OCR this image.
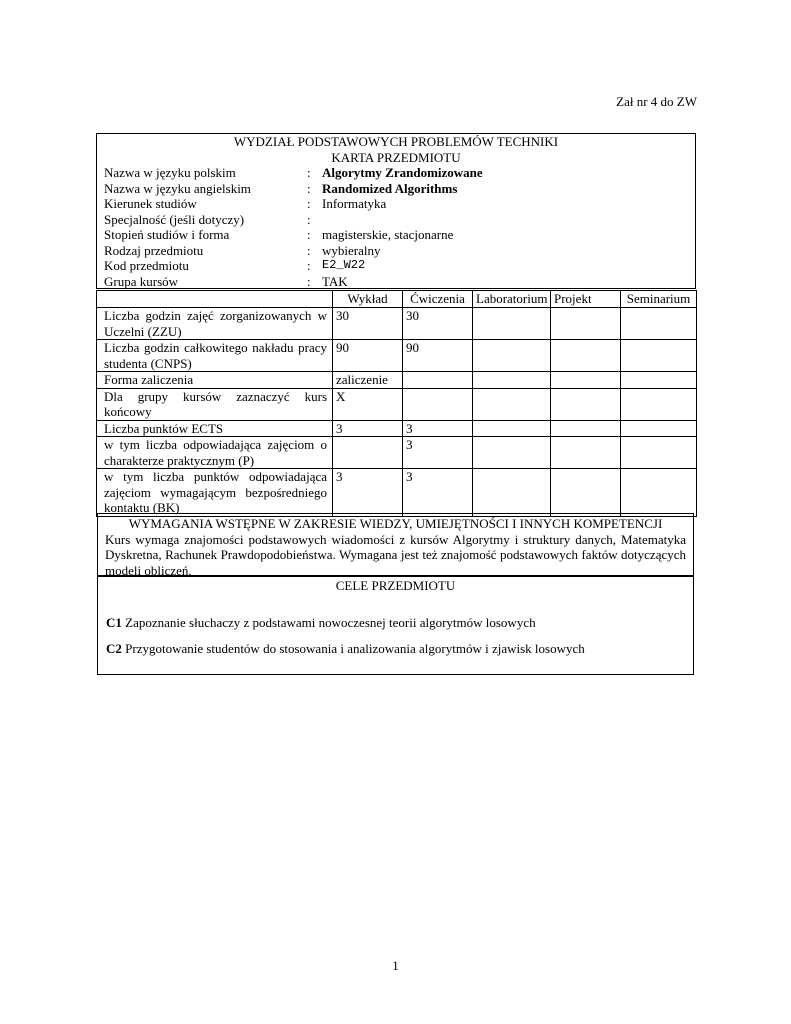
Zał nr 4 do ZW
WYDZIAŁ PODSTAWOWYCH PROBLEMÓW TECHNIKI
KARTA PRZEDMIOTU
Nazwa w języku polskim	: Algorytmy Zrandomizowane
Nazwa w języku angielskim	: Randomized Algorithms
Kierunek studiów	: Informatyka
Specjalność (jeśli dotyczy)	:
Stopień studiów i forma	: magisterskie, stacjonarne
Rodzaj przedmiotu	: wybieralny
Kod przedmiotu	: E2_W22
Grupa kursów	: TAK
	Wykład	Ćwiczenia	Laboratorium	Projekt	Seminarium
Liczba godzin zajęć zorganizowanych w Uczelni (ZZU)	30	30			
Liczba godzin całkowitego nakładu pracy studenta (CNPS)	90	90			
Forma zaliczenia	zaliczenie				
Dla grupy kursów zaznaczyć kurs końcowy	X				
Liczba punktów ECTS	3	3			
w tym liczba odpowiadająca zajęciom o charakterze praktycznym (P)		3			
w tym liczba punktów odpowiadająca zajęciom wymagającym bezpośredniego kontaktu (BK)	3	3			
WYMAGANIA WSTĘPNE W ZAKRESIE WIEDZY, UMIEJĘTNOŚCI I INNYCH KOMPETENCJI
Kurs wymaga znajomości podstawowych wiadomości z kursów Algorytmy i struktury danych, Matematyka Dyskretna, Rachunek Prawdopodobieństwa. Wymagana jest też znajomość podstawowych faktów dotyczących modeli obliczeń.
CELE PRZEDMIOTU
C1 Zapoznanie słuchaczy z podstawami nowoczesnej teorii algorytmów losowych
C2 Przygotowanie studentów do stosowania i analizowania algorytmów i zjawisk losowych
1
